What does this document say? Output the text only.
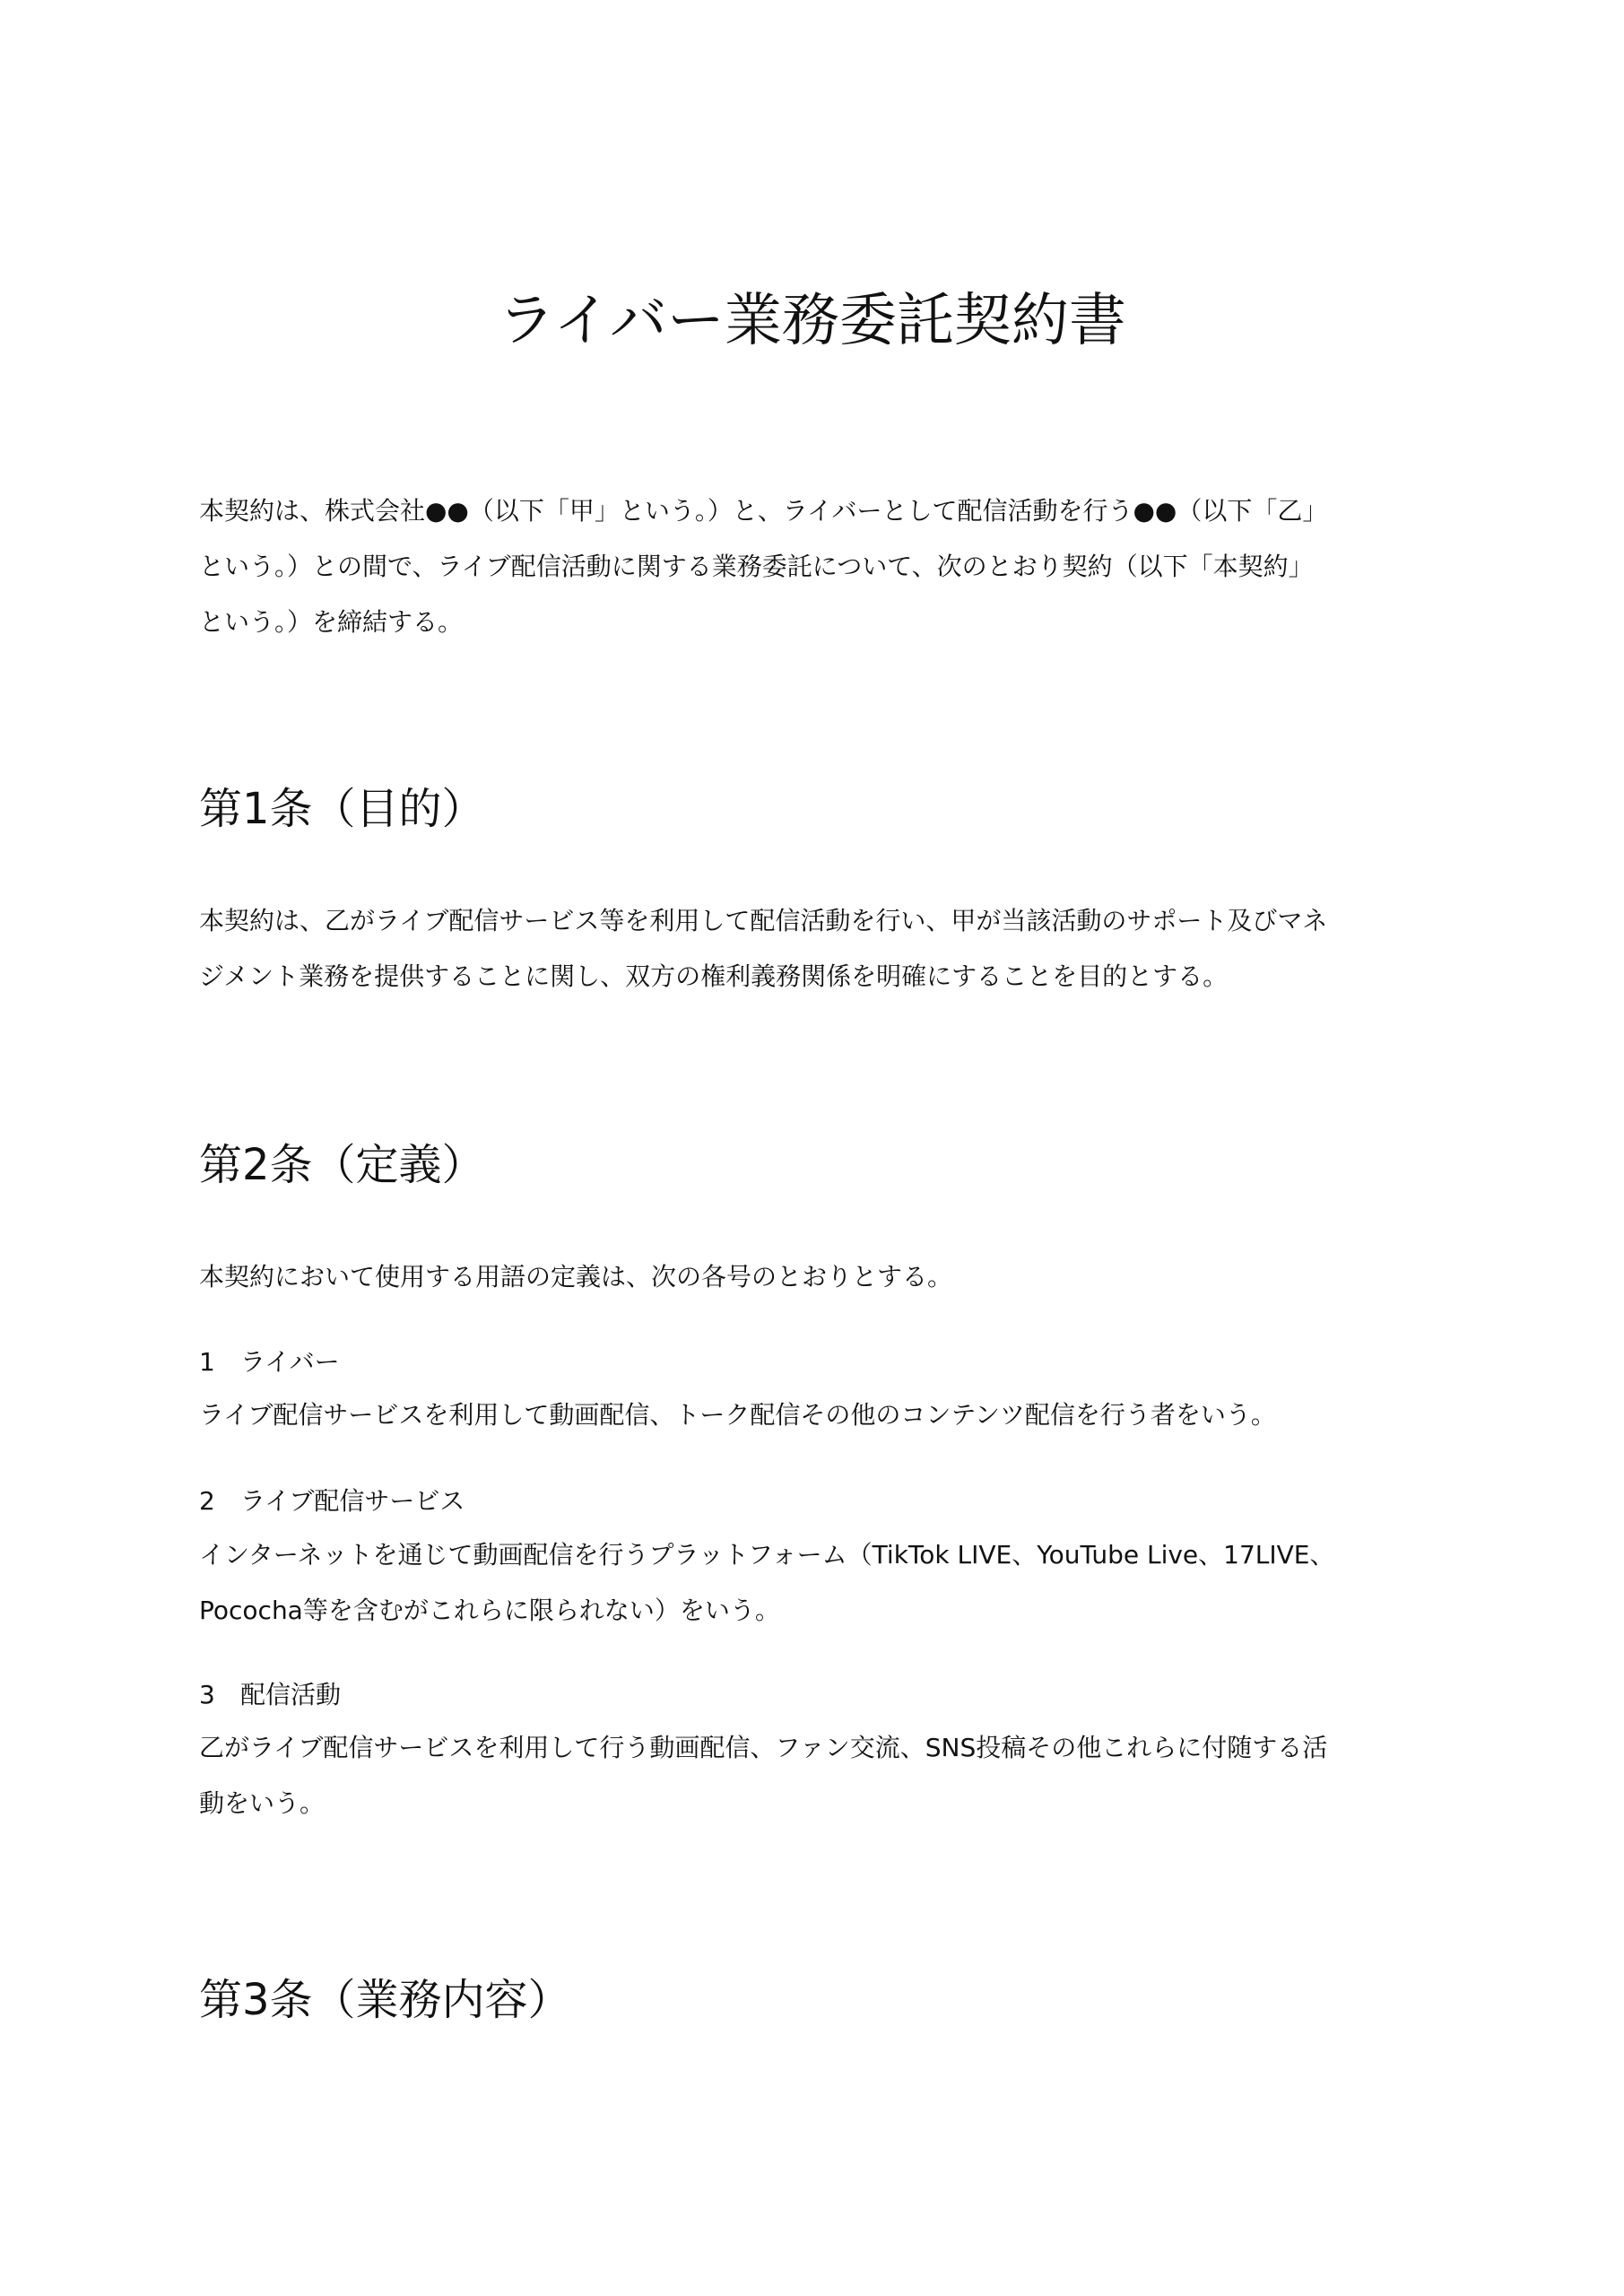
ライバー業務委託契約書
本契約は、株式会社●●（以下「甲」という。）と、ライバーとして配信活動を行う●●（以下「乙」
という。）との間で、ライブ配信活動に関する業務委託について、次のとおり契約（以下「本契約」
という。）を締結する。
第1条（目的）
本契約は、乙がライブ配信サービス等を利用して配信活動を行い、甲が当該活動のサポート及びマネ
ジメント業務を提供することに関し、双方の権利義務関係を明確にすることを目的とする。
第2条（定義）
本契約において使用する用語の定義は、次の各号のとおりとする。
1 ライバー
ライブ配信サービスを利用して動画配信、トーク配信その他のコンテンツ配信を行う者をいう。
2 ライブ配信サービス
インターネットを通じて動画配信を行うプラットフォーム（TikTok LIVE、YouTube Live、17LIVE、
Pococha等を含むがこれらに限られない）をいう。
3 配信活動
乙がライブ配信サービスを利用して行う動画配信、ファン交流、SNS投稿その他これらに付随する活
動をいう。
第3条（業務内容）
